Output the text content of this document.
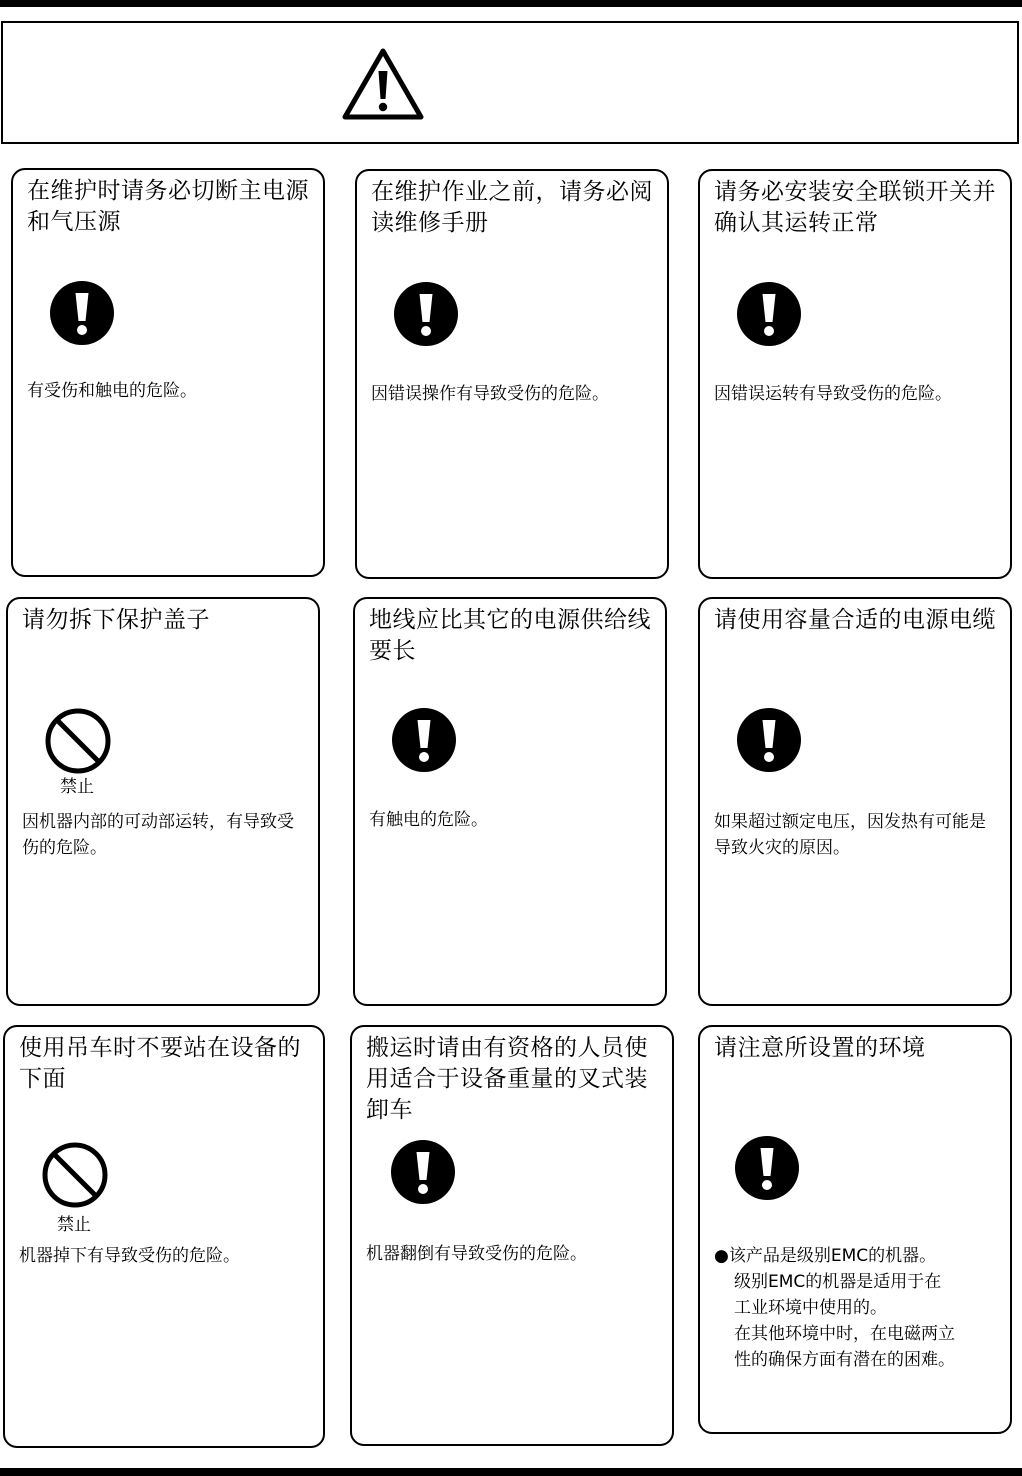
在维护时请务必切断主电源和气压源
有受伤和触电的危险。
在维护作业之前，请务必阅读维修手册
因错误操作有导致受伤的危险。
请务必安装安全联锁开关并确认其运转正常
因错误运转有导致受伤的危险。
请勿拆下保护盖子
禁止
因机器内部的可动部运转，有导致受伤的危险。
地线应比其它的电源供给线要长
有触电的危险。
请使用容量合适的电源电缆
如果超过额定电压，因发热有可能是导致火灾的原因。
使用吊车时不要站在设备的下面
禁止
机器掉下有导致受伤的危险。
搬运时请由有资格的人员使用适合于设备重量的叉式装卸车
机器翻倒有导致受伤的危险。
请注意所设置的环境
●该产品是级别EMC的机器。
级别EMC的机器是适用于在
工业环境中使用的。
在其他环境中时，在电磁两立
性的确保方面有潜在的困难。
